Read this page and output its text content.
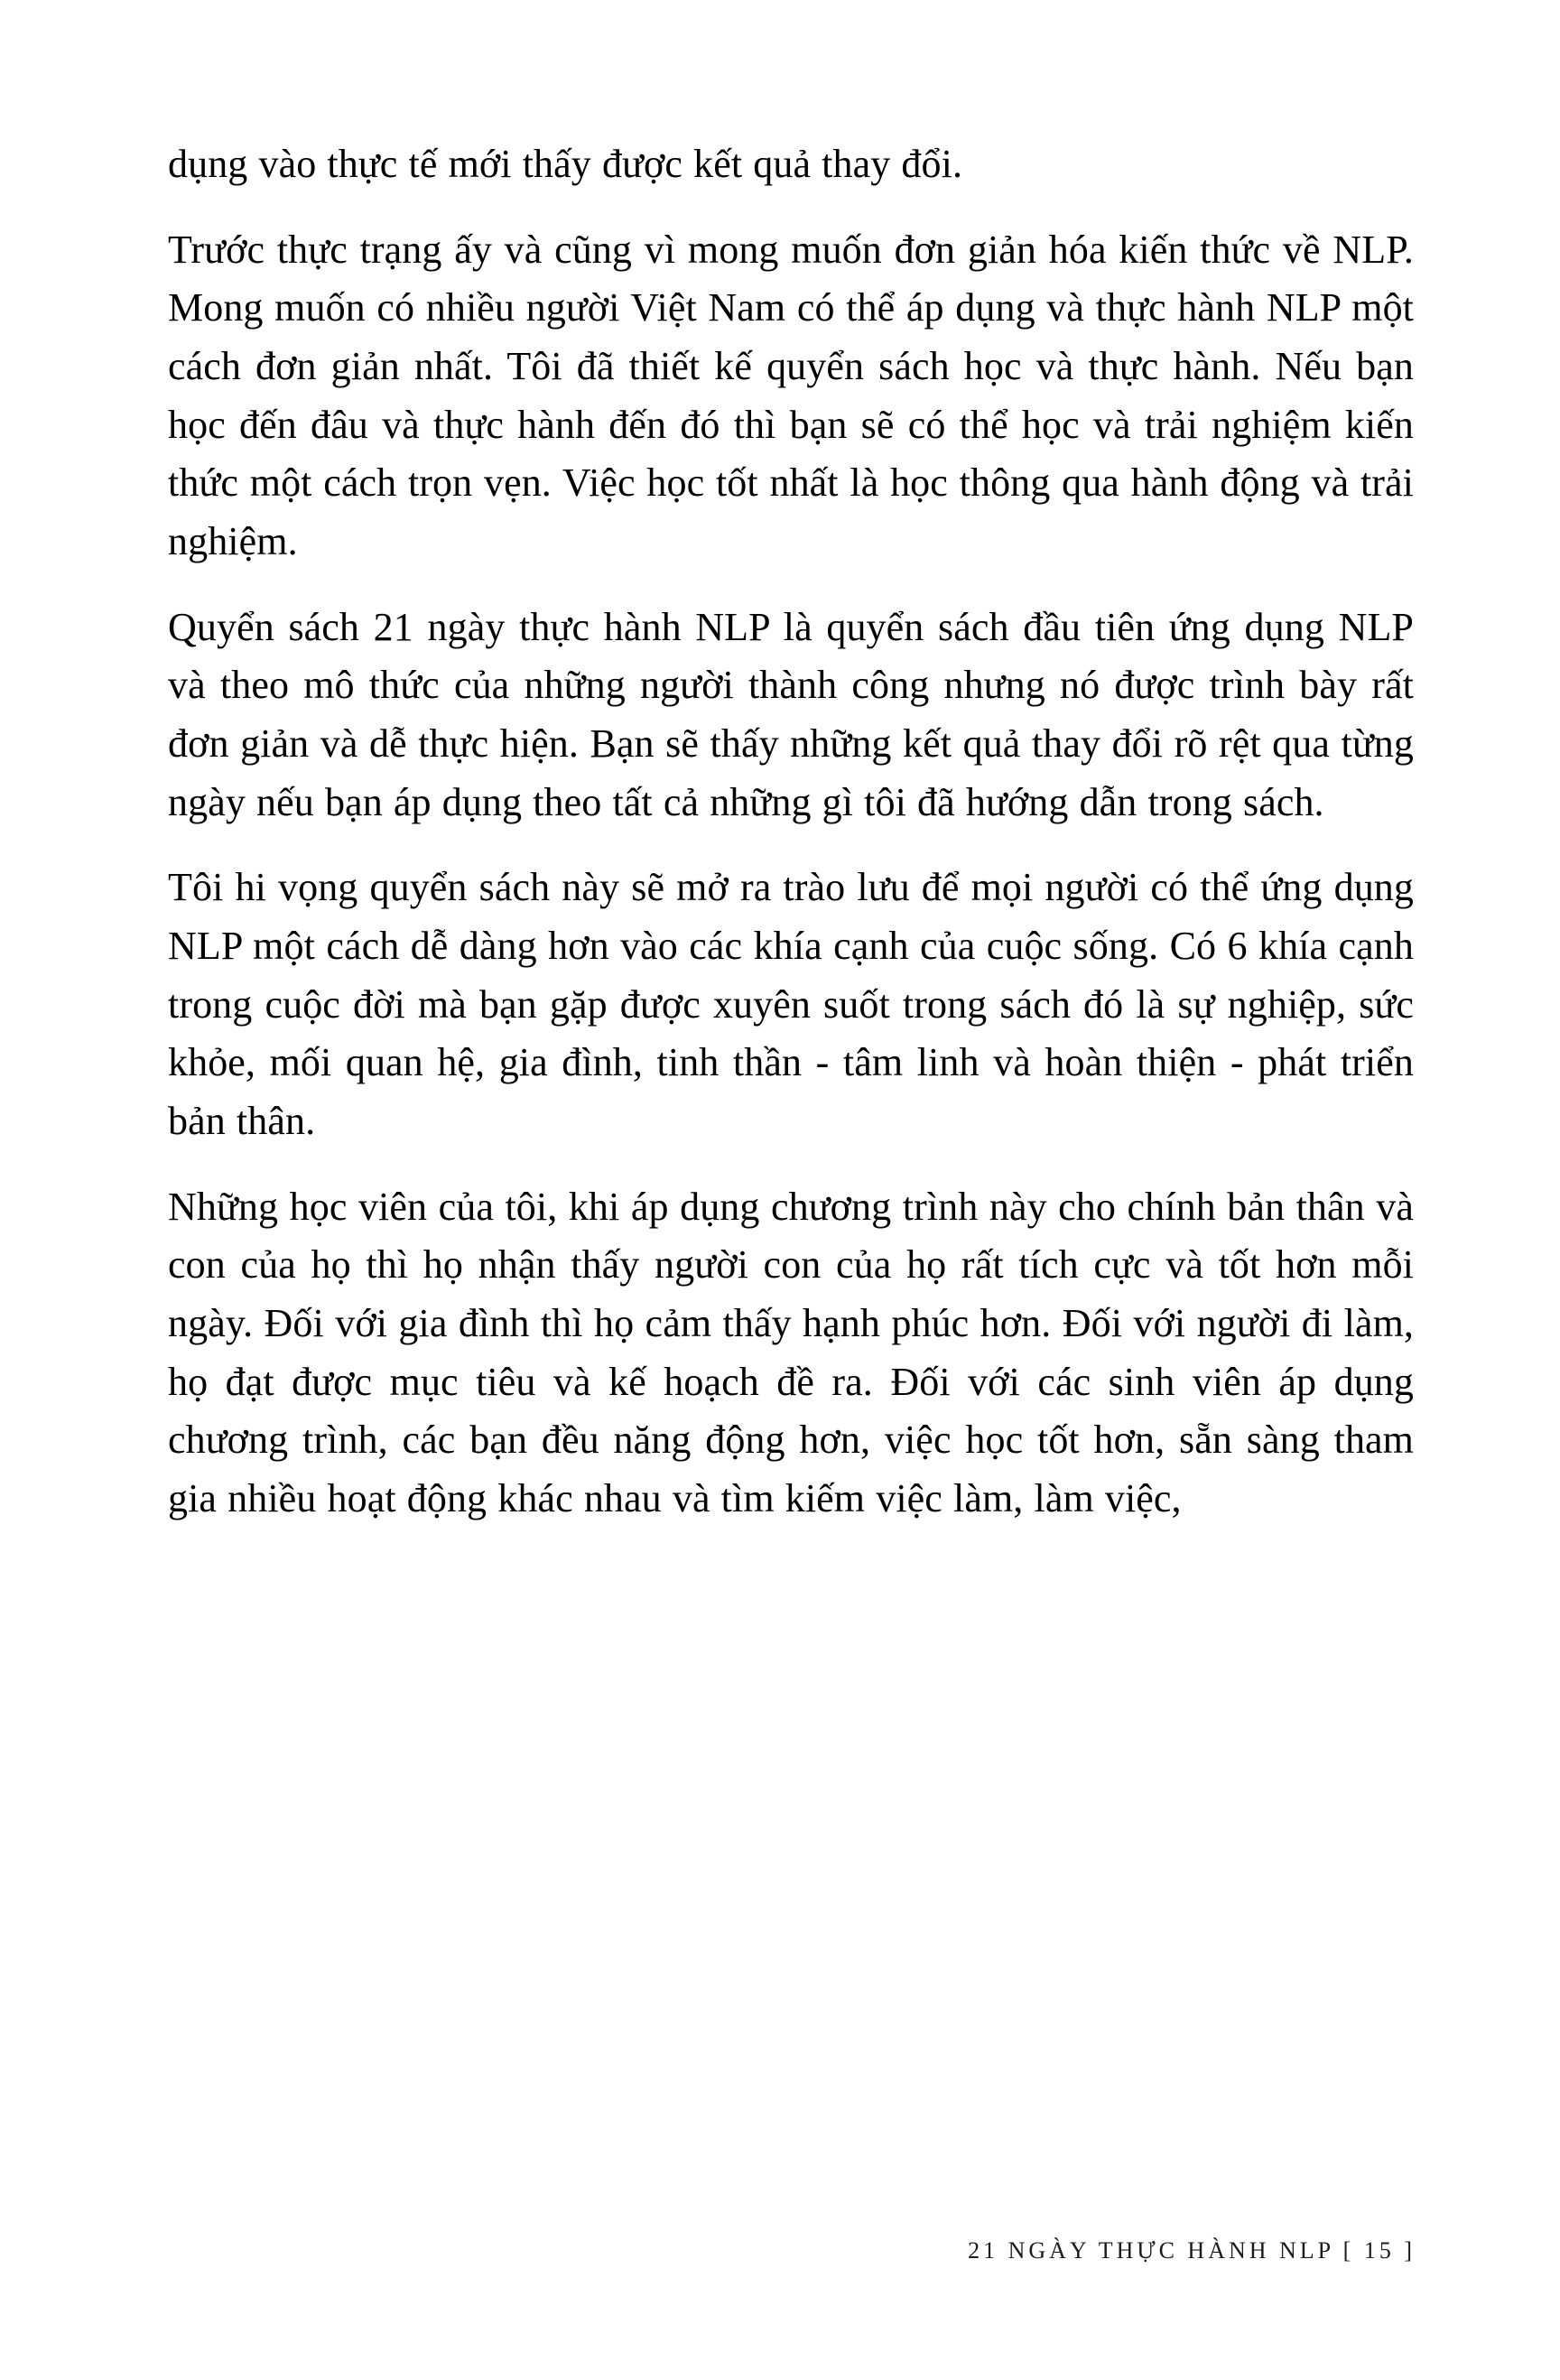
dụng vào thực tế mới thấy được kết quả thay đổi.

Trước thực trạng ấy và cũng vì mong muốn đơn giản hóa kiến thức về NLP. Mong muốn có nhiều người Việt Nam có thể áp dụng và thực hành NLP một cách đơn giản nhất. Tôi đã thiết kế quyển sách học và thực hành. Nếu bạn học đến đâu và thực hành đến đó thì bạn sẽ có thể học và trải nghiệm kiến thức một cách trọn vẹn. Việc học tốt nhất là học thông qua hành động và trải nghiệm.

Quyển sách 21 ngày thực hành NLP là quyển sách đầu tiên ứng dụng NLP và theo mô thức của những người thành công nhưng nó được trình bày rất đơn giản và dễ thực hiện. Bạn sẽ thấy những kết quả thay đổi rõ rệt qua từng ngày nếu bạn áp dụng theo tất cả những gì tôi đã hướng dẫn trong sách.

Tôi hi vọng quyển sách này sẽ mở ra trào lưu để mọi người có thể ứng dụng NLP một cách dễ dàng hơn vào các khía cạnh của cuộc sống. Có 6 khía cạnh trong cuộc đời mà bạn gặp được xuyên suốt trong sách đó là sự nghiệp, sức khỏe, mối quan hệ, gia đình, tinh thần - tâm linh và hoàn thiện - phát triển bản thân.

Những học viên của tôi, khi áp dụng chương trình này cho chính bản thân và con của họ thì họ nhận thấy người con của họ rất tích cực và tốt hơn mỗi ngày. Đối với gia đình thì họ cảm thấy hạnh phúc hơn. Đối với người đi làm, họ đạt được mục tiêu và kế hoạch đề ra. Đối với các sinh viên áp dụng chương trình, các bạn đều năng động hơn, việc học tốt hơn, sẵn sàng tham gia nhiều hoạt động khác nhau và tìm kiếm việc làm, làm việc,

21 NGÀY THỰC HÀNH NLP [ 15 ]
